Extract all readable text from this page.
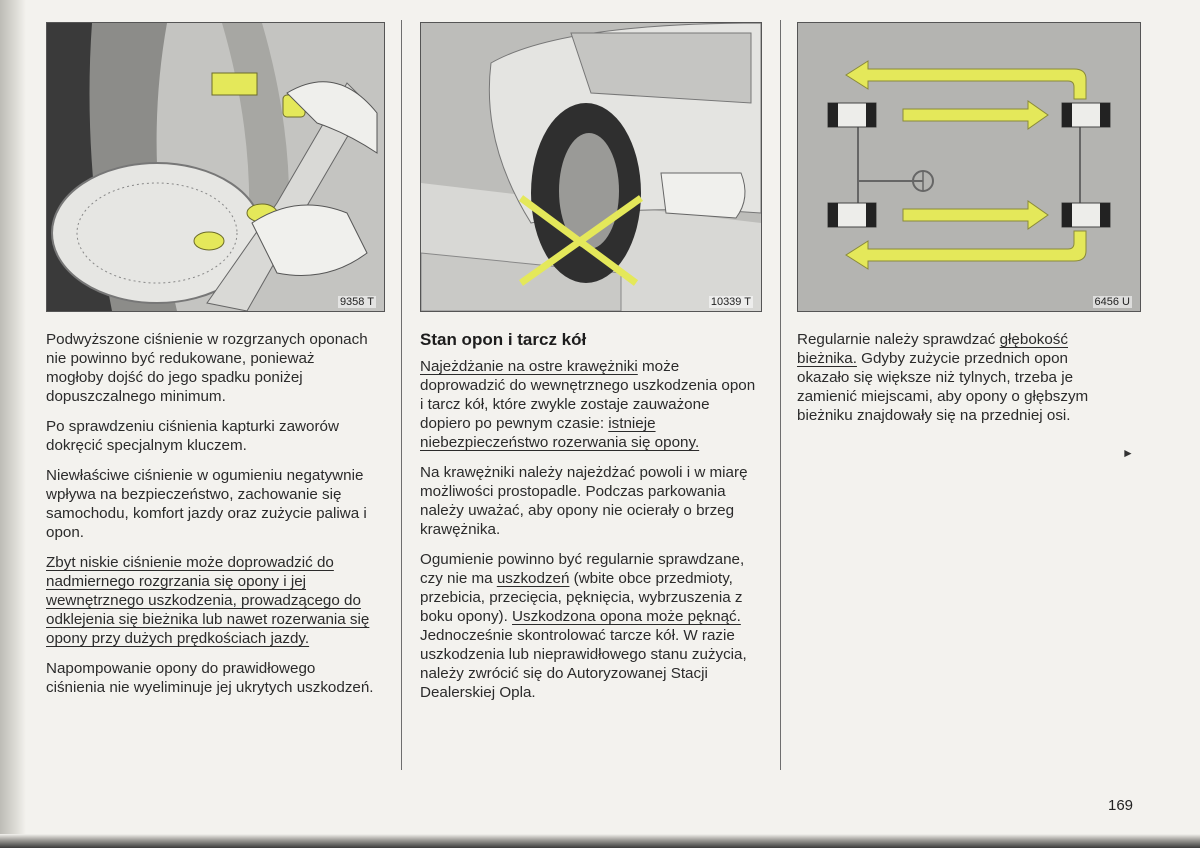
9358 T	10339 T	6456 U

Podwyższone ciśnienie w rozgrzanych oponach nie powinno być redukowane, ponieważ mogłoby dojść do jego spadku poniżej dopuszczalnego minimum.

Po sprawdzeniu ciśnienia kapturki zaworów dokręcić specjalnym kluczem.

Niewłaściwe ciśnienie w ogumieniu negatywnie wpływa na bezpieczeństwo, zachowanie się samochodu, komfort jazdy oraz zużycie paliwa i opon.

Zbyt niskie ciśnienie może doprowadzić do nadmiernego rozgrzania się opony i jej wewnętrznego uszkodzenia, prowadzącego do odklejenia się bieżnika lub nawet rozerwania się opony przy dużych prędkościach jazdy.

Napompowanie opony do prawidłowego ciśnienia nie wyeliminuje jej ukrytych uszkodzeń.

Stan opon i tarcz kół

Najeżdżanie na ostre krawężniki może doprowadzić do wewnętrznego uszkodzenia opon i tarcz kół, które zwykle zostaje zauważone dopiero po pewnym czasie: istnieje niebezpieczeństwo rozerwania się opony.

Na krawężniki należy najeżdżać powoli i w miarę możliwości prostopadle. Podczas parkowania należy uważać, aby opony nie ocierały o brzeg krawężnika.

Ogumienie powinno być regularnie sprawdzane, czy nie ma uszkodzeń (wbite obce przedmioty, przebicia, przecięcia, pęknięcia, wybrzuszenia z boku opony). Uszkodzona opona może pęknąć. Jednocześnie skontrolować tarcze kół. W razie uszkodzenia lub nieprawidłowego stanu zużycia, należy zwrócić się do Autoryzowanej Stacji Dealerskiej Opla.

Regularnie należy sprawdzać głębokość bieżnika. Gdyby zużycie przednich opon okazało się większe niż tylnych, trzeba je zamienić miejscami, aby opony o głębszym bieżniku znajdowały się na przedniej osi.

►
169
